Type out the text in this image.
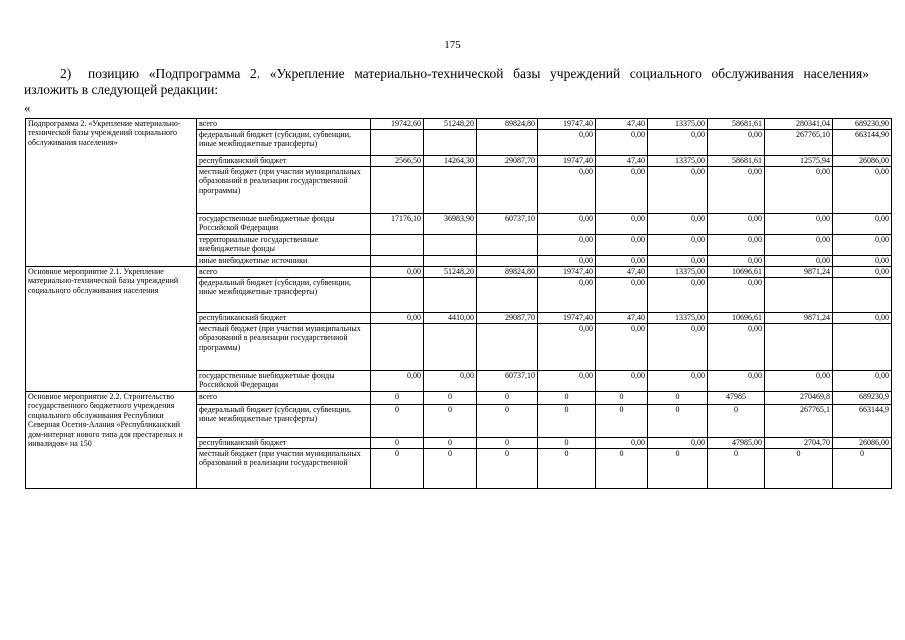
175
2) позицию «Подпрограмма 2. «Укрепление материально-технической базы учреждений социального обслуживания населения» изложить в следующей редакции:
«
Подпрограмма 2. «Укрепление материально-технической базы учреждений социального обслуживания населения»	всего	19742,60	51248,20	89824,80	19747,40	47,40	13375,00	58681,61	280341,04	689230,90
	федеральный бюджет (субсидии, субвенции, иные межбюджетные трансферты)				0,00	0,00	0,00	0,00	267765,10	663144,90
	республиканский бюджет	2566,50	14264,30	29087,70	19747,40	47,40	13375,00	58681,61	12575,94	26086,00
	местный бюджет (при участии муниципальных образований в реализации государственной программы)				0,00	0,00	0,00	0,00	0,00	0,00
	государственные внебюджетные фонды Российской Федерации	17176,10	36983,90	60737,10	0,00	0,00	0,00	0,00	0,00	0,00
	территориальные государственные внебюджетные фонды				0,00	0,00	0,00	0,00	0,00	0,00
	иные внебюджетные источники				0,00	0,00	0,00	0,00	0,00	0,00
Основное мероприятие 2.1. Укрепление материально-технической базы учреждений социального обслуживания населения	всего	0,00	51248,20	89824,80	19747,40	47,40	13375,00	10696,61	9871,24	0,00
	федеральный бюджет (субсидии, субвенции, иные межбюджетные трансферты)				0,00	0,00	0,00	0,00		
	республиканский бюджет	0,00	4410,00	29087,70	19747,40	47,40	13375,00	10696,61	9871,24	0,00
	местный бюджет (при участии муниципальных образований в реализации государственной программы)				0,00	0,00	0,00	0,00		
	государственные внебюджетные фонды Российской Федерации	0,00	0,00	60737,10	0,00	0,00	0,00	0,00	0,00	0,00
Основное мероприятие 2.2. Строительство государственного бюджетного учреждения социального обслуживания Республики Северная Осетия-Алания «Республиканский дом-интернат нового типа для престарелых и инвалидов» на 150	всего	0	0	0	0	0	0	47985	270469,8	689230,9
	федеральный бюджет (субсидии, субвенции, иные межбюджетные трансферты)	0	0	0	0	0	0	0	267765,1	663144,9
	республиканский бюджет	0	0	0	0	0,00	0,00	47985,00	2704,70	26086,00
	местный бюджет (при участии муниципальных образований в реализации государственной	0	0	0	0	0	0	0	0	0
